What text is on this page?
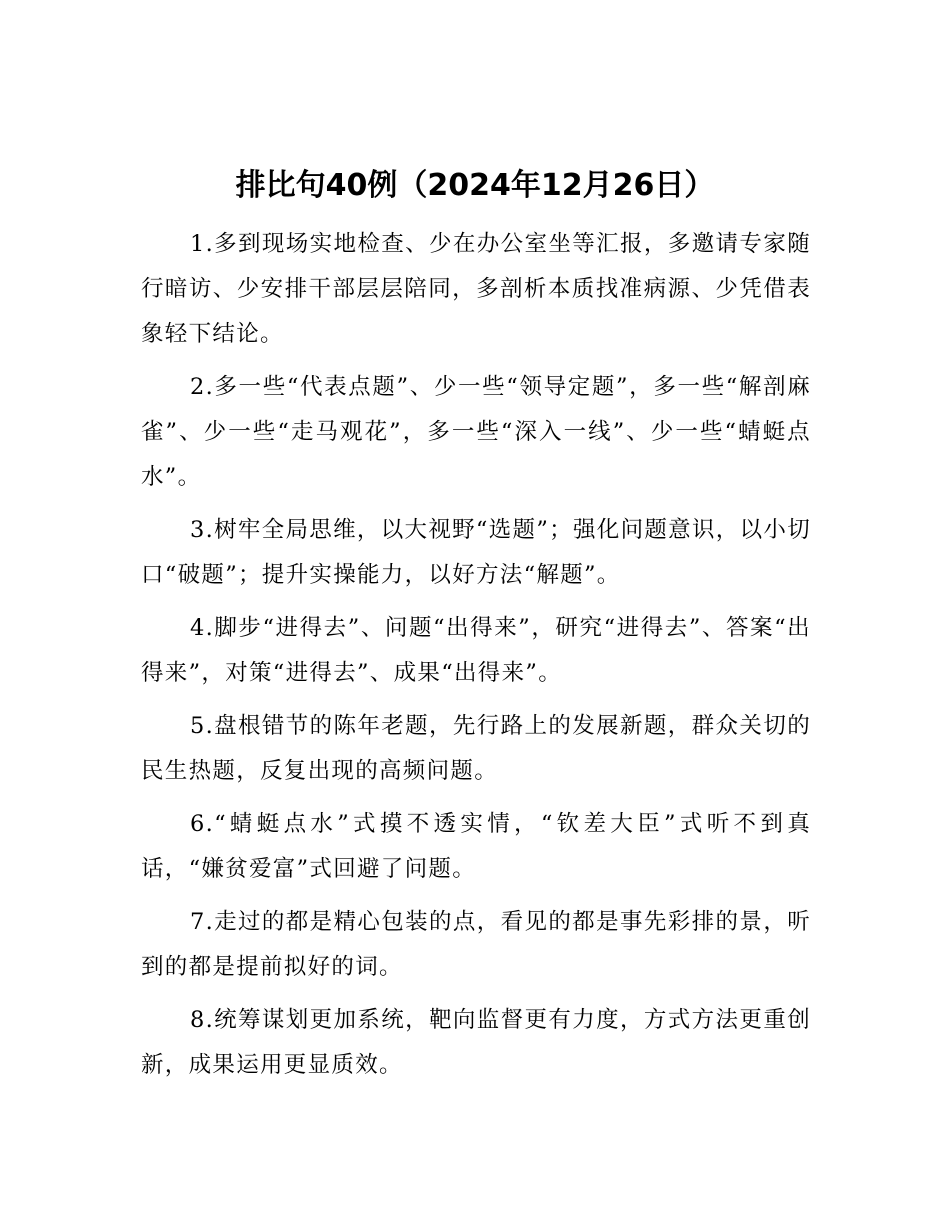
排比句40例（2024年12月26日）

1.多到现场实地检查、少在办公室坐等汇报，多邀请专家随行暗访、少安排干部层层陪同，多剖析本质找准病源、少凭借表象轻下结论。

2.多一些“代表点题”、少一些“领导定题”，多一些“解剖麻雀”、少一些“走马观花”，多一些“深入一线”、少一些“蜻蜓点水”。

3.树牢全局思维，以大视野“选题”；强化问题意识，以小切口“破题”；提升实操能力，以好方法“解题”。

4.脚步“进得去”、问题“出得来”，研究“进得去”、答案“出得来”，对策“进得去”、成果“出得来”。

5.盘根错节的陈年老题，先行路上的发展新题，群众关切的民生热题，反复出现的高频问题。

6.“蜻蜓点水”式摸不透实情，“钦差大臣”式听不到真话，“嫌贫爱富”式回避了问题。

7.走过的都是精心包装的点，看见的都是事先彩排的景，听到的都是提前拟好的词。

8.统筹谋划更加系统，靶向监督更有力度，方式方法更重创新，成果运用更显质效。
